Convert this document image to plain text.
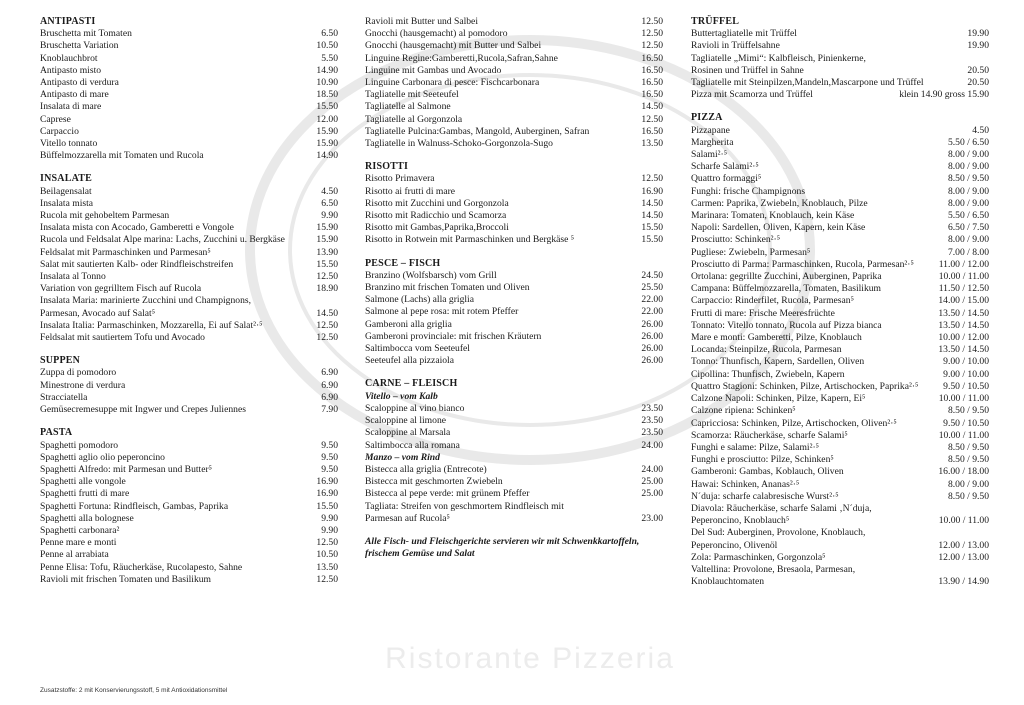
Ristorante Pizzeria
ANTIPASTI
Bruschetta mit Tomaten	6.50
Bruschetta Variation	10.50
Knoblauchbrot	5.50
Antipasto misto	14.90
Antipasto di verdura	10.90
Antipasto di mare	18.50
Insalata di mare	15.50
Caprese	12.00
Carpaccio	15.90
Vitello tonnato	15.90
Büffelmozzarella mit Tomaten und Rucola	14.90
INSALATE
Beilagensalat	4.50
Insalata mista	6.50
Rucola mit gehobeltem Parmesan	9.90
Insalata mista con Acocado, Gamberetti e Vongole	15.90
Rucola und Feldsalat Alpe marina: Lachs, Zucchini u. Bergkäse	15.90
Feldsalat mit Parmaschinken und Parmesan⁵	13.90
Salat mit sautierten Kalb- oder Rindfleischstreifen	15.50
Insalata al Tonno	12.50
Variation von gegrilltem Fisch auf Rucola	18.90
Insalata Maria: marinierte Zucchini und Champignons,
Parmesan, Avocado auf Salat⁵	14.50
Insalata Italia: Parmaschinken, Mozzarella, Ei auf Salat²·⁵	12.50
Feldsalat mit sautiertem Tofu und Avocado	12.50
SUPPEN
Zuppa di pomodoro	6.90
Minestrone di verdura	6.90
Stracciatella	6.90
Gemüsecremesuppe mit Ingwer und Crepes Juliennes	7.90
PASTA
Spaghetti pomodoro	9.50
Spaghetti aglio olio peperoncino	9.50
Spaghetti Alfredo: mit Parmesan und Butter⁵	9.50
Spaghetti alle vongole	16.90
Spaghetti frutti di mare	16.90
Spaghetti Fortuna: Rindfleisch, Gambas, Paprika	15.50
Spaghetti alla bolognese	9.90
Spaghetti carbonara²	9.90
Penne mare e monti	12.50
Penne al arrabiata	10.50
Penne Elisa: Tofu, Räucherkäse, Rucolapesto, Sahne	13.50
Ravioli mit frischen Tomaten und Basilikum	12.50
Ravioli mit Butter und Salbei	12.50
Gnocchi (hausgemacht) al pomodoro	12.50
Gnocchi (hausgemacht) mit Butter und Salbei	12.50
Linguine Regine:Gamberetti,Rucola,Safran,Sahne	16.50
Linguine mit Gambas und Avocado	16.50
Linguine Carbonara di pesce: Fischcarbonara	16.50
Tagliatelle mit Seeteufel	16.50
Tagliatelle al Salmone	14.50
Tagliatelle al Gorgonzola	12.50
Tagliatelle Pulcina:Gambas, Mangold, Auberginen, Safran	16.50
Tagliatelle in Walnuss-Schoko-Gorgonzola-Sugo	13.50
RISOTTI
Risotto Primavera	12.50
Risotto ai frutti di mare	16.90
Risotto mit Zucchini und Gorgonzola	14.50
Risotto mit Radicchio und Scamorza	14.50
Risotto mit Gambas,Paprika,Broccoli	15.50
Risotto in Rotwein mit Parmaschinken und Bergkäse ⁵	15.50
PESCE – FISCH
Branzino (Wolfsbarsch) vom Grill	24.50
Branzino mit frischen Tomaten und Oliven	25.50
Salmone (Lachs) alla griglia	22.00
Salmone al pepe rosa: mit rotem Pfeffer	22.00
Gamberoni alla griglia	26.00
Gamberoni provinciale: mit frischen Kräutern	26.00
Saltimbocca vom Seeteufel	26.00
Seeteufel alla pizzaiola	26.00
CARNE – FLEISCH
Vitello – vom Kalb
Scaloppine al vino bianco	23.50
Scaloppine al limone	23.50
Scaloppine al Marsala	23.50
Saltimbocca alla romana	24.00
Manzo – vom Rind
Bistecca alla griglia (Entrecote)	24.00
Bistecca mit geschmorten Zwiebeln	25.00
Bistecca al pepe verde: mit grünem Pfeffer	25.00
Tagliata: Streifen von geschmortem Rindfleisch mit
Parmesan auf Rucola⁵	23.00
Alle Fisch- und Fleischgerichte servieren wir mit Schwenkkartoffeln, frischem Gemüse und Salat
TRÜFFEL
Buttertagliatelle mit Trüffel	19.90
Ravioli in Trüffelsahne	19.90
Tagliatelle „Mimi“: Kalbfleisch, Pinienkerne,
Rosinen und Trüffel in Sahne	20.50
Tagliatelle mit Steinpilzen,Mandeln,Mascarpone und Trüffel	20.50
Pizza mit Scamorza und Trüffel	klein 14.90 gross 15.90
PIZZA
Pizzapane	4.50
Margherita	5.50 / 6.50
Salami²·⁵	8.00 / 9.00
Scharfe Salami²·⁵	8.00 / 9.00
Quattro formaggi⁵	8.50 / 9.50
Funghi: frische Champignons	8.00 / 9.00
Carmen: Paprika, Zwiebeln, Knoblauch, Pilze	8.00 / 9.00
Marinara: Tomaten, Knoblauch, kein Käse	5.50 / 6.50
Napoli: Sardellen, Oliven, Kapern, kein Käse	6.50 / 7.50
Prosciutto: Schinken²·⁵	8.00 / 9.00
Pugliese: Zwiebeln, Parmesan⁵	7.00 / 8.00
Prosciutto di Parma: Parmaschinken, Rucola, Parmesan²·⁵	11.00 / 12.00
Ortolana: gegrillte Zucchini, Auberginen, Paprika	10.00 / 11.00
Campana: Büffelmozzarella, Tomaten, Basilikum	11.50 / 12.50
Carpaccio: Rinderfilet, Rucola, Parmesan⁵	14.00 / 15.00
Frutti di mare: Frische Meeresfrüchte	13.50 / 14.50
Tonnato: Vitello tonnato, Rucola auf Pizza bianca	13.50 / 14.50
Mare e monti: Gamberetti, Pilze, Knoblauch	10.00 / 12.00
Locanda: Steinpilze, Rucola, Parmesan	13.50 / 14.50
Tonno: Thunfisch, Kapern, Sardellen, Oliven	9.00 / 10.00
Cipollina: Thunfisch, Zwiebeln, Kapern	9.00 / 10.00
Quattro Stagioni: Schinken, Pilze, Artischocken, Paprika²·⁵	9.50 / 10.50
Calzone Napoli: Schinken, Pilze, Kapern, Ei⁵	10.00 / 11.00
Calzone ripiena: Schinken⁵	8.50 / 9.50
Capricciosa: Schinken, Pilze, Artischocken, Oliven²·⁵	9.50 / 10.50
Scamorza: Räucherkäse, scharfe Salami⁵	10.00 / 11.00
Funghi e salame: Pilze, Salami²·⁵	8.50 / 9.50
Funghi e prosciutto: Pilze, Schinken⁵	8.50 / 9.50
Gamberoni: Gambas, Koblauch, Oliven	16.00 / 18.00
Hawai: Schinken, Ananas²·⁵	8.00 / 9.00
N´duja: scharfe calabresische Wurst²·⁵	8.50 / 9.50
Diavola: Räucherkäse, scharfe Salami ‚N´duja,
Peperoncino, Knoblauch⁵	10.00 / 11.00
Del Sud: Auberginen, Provolone, Knoblauch,
Peperoncino, Olivenöl	12.00 / 13.00
Zola: Parmaschinken, Gorgonzola⁵	12.00 / 13.00
Valtellina: Provolone, Bresaola, Parmesan,
Knoblauchtomaten	13.90 / 14.90
Zusatzstoffe: 2 mit Konservierungsstoff, 5 mit Antioxidationsmittel
